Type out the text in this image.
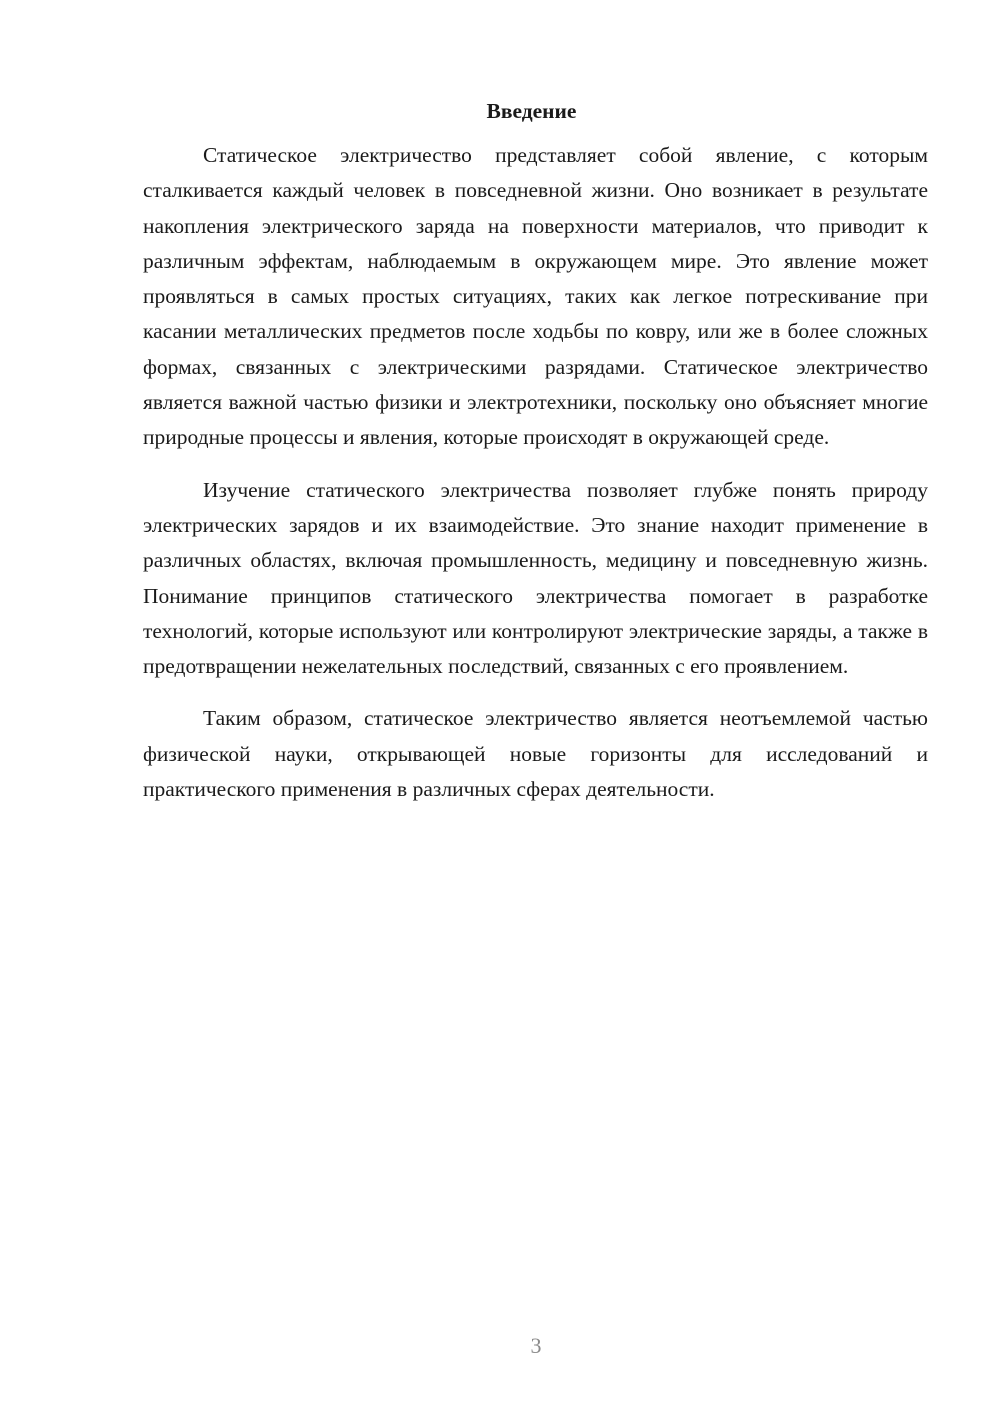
Введение

Статическое электричество представляет собой явление, с которым сталкивается каждый человек в повседневной жизни. Оно возникает в результате накопления электрического заряда на поверхности материалов, что приводит к различным эффектам, наблюдаемым в окружающем мире. Это явление может проявляться в самых простых ситуациях, таких как легкое потрескивание при касании металлических предметов после ходьбы по ковру, или же в более сложных формах, связанных с электрическими разрядами. Статическое электричество является важной частью физики и электротехники, поскольку оно объясняет многие природные процессы и явления, которые происходят в окружающей среде.

Изучение статического электричества позволяет глубже понять природу электрических зарядов и их взаимодействие. Это знание находит применение в различных областях, включая промышленность, медицину и повседневную жизнь. Понимание принципов статического электричества помогает в разработке технологий, которые используют или контролируют электрические заряды, а также в предотвращении нежелательных последствий, связанных с его проявлением.

Таким образом, статическое электричество является неотъемлемой частью физической науки, открывающей новые горизонты для исследований и практического применения в различных сферах деятельности.

3
